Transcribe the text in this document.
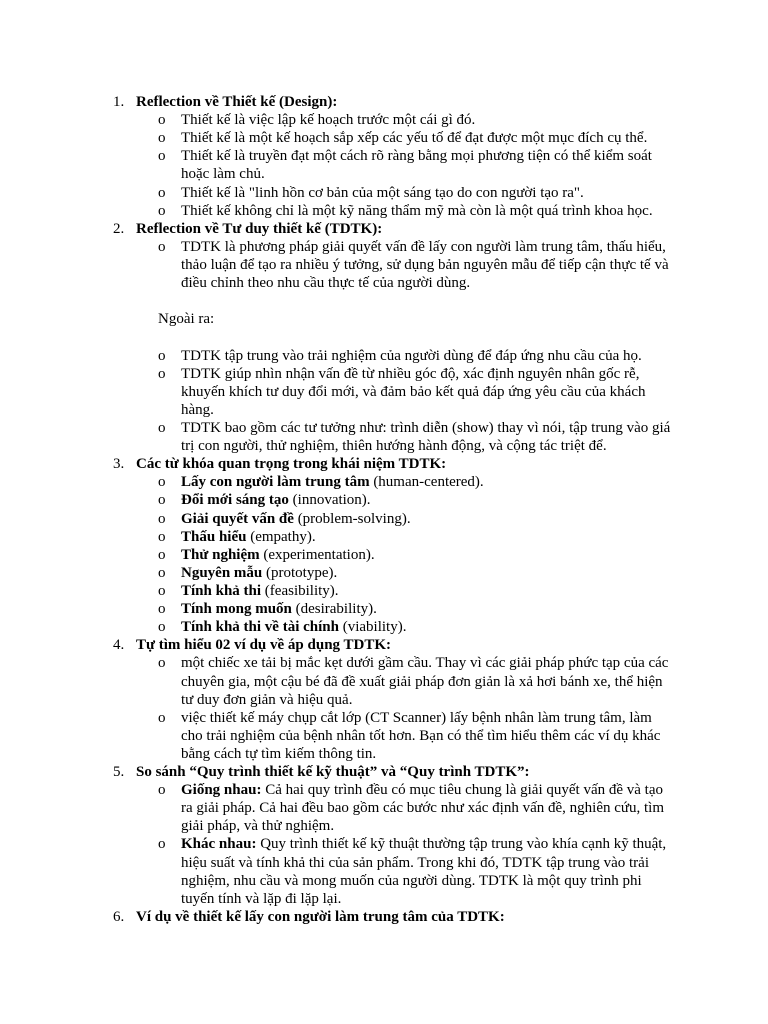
1. Reflection về Thiết kế (Design):
o Thiết kế là việc lập kế hoạch trước một cái gì đó.
o Thiết kế là một kế hoạch sắp xếp các yếu tố để đạt được một mục đích cụ thể.
o Thiết kế là truyền đạt một cách rõ ràng bằng mọi phương tiện có thể kiểm soát hoặc làm chủ.
o Thiết kế là "linh hồn cơ bản của một sáng tạo do con người tạo ra".
o Thiết kế không chỉ là một kỹ năng thẩm mỹ mà còn là một quá trình khoa học.
2. Reflection về Tư duy thiết kế (TDTK):
o TDTK là phương pháp giải quyết vấn đề lấy con người làm trung tâm, thấu hiểu, thảo luận để tạo ra nhiều ý tưởng, sử dụng bản nguyên mẫu để tiếp cận thực tế và điều chỉnh theo nhu cầu thực tế của người dùng.
Ngoài ra:
o TDTK tập trung vào trải nghiệm của người dùng để đáp ứng nhu cầu của họ.
o TDTK giúp nhìn nhận vấn đề từ nhiều góc độ, xác định nguyên nhân gốc rễ, khuyến khích tư duy đổi mới, và đảm bảo kết quả đáp ứng yêu cầu của khách hàng.
o TDTK bao gồm các tư tưởng như: trình diễn (show) thay vì nói, tập trung vào giá trị con người, thử nghiệm, thiên hướng hành động, và cộng tác triệt để.
3. Các từ khóa quan trọng trong khái niệm TDTK:
o Lấy con người làm trung tâm (human-centered).
o Đổi mới sáng tạo (innovation).
o Giải quyết vấn đề (problem-solving).
o Thấu hiểu (empathy).
o Thử nghiệm (experimentation).
o Nguyên mẫu (prototype).
o Tính khả thi (feasibility).
o Tính mong muốn (desirability).
o Tính khả thi về tài chính (viability).
4. Tự tìm hiểu 02 ví dụ về áp dụng TDTK:
o một chiếc xe tải bị mắc kẹt dưới gầm cầu. Thay vì các giải pháp phức tạp của các chuyên gia, một cậu bé đã đề xuất giải pháp đơn giản là xả hơi bánh xe, thể hiện tư duy đơn giản và hiệu quả.
o việc thiết kế máy chụp cắt lớp (CT Scanner) lấy bệnh nhân làm trung tâm, làm cho trải nghiệm của bệnh nhân tốt hơn. Bạn có thể tìm hiểu thêm các ví dụ khác bằng cách tự tìm kiếm thông tin.
5. So sánh “Quy trình thiết kế kỹ thuật” và “Quy trình TDTK”:
o Giống nhau: Cả hai quy trình đều có mục tiêu chung là giải quyết vấn đề và tạo ra giải pháp. Cả hai đều bao gồm các bước như xác định vấn đề, nghiên cứu, tìm giải pháp, và thử nghiệm.
o Khác nhau: Quy trình thiết kế kỹ thuật thường tập trung vào khía cạnh kỹ thuật, hiệu suất và tính khả thi của sản phẩm. Trong khi đó, TDTK tập trung vào trải nghiệm, nhu cầu và mong muốn của người dùng. TDTK là một quy trình phi tuyến tính và lặp đi lặp lại.
6. Ví dụ về thiết kế lấy con người làm trung tâm của TDTK:
